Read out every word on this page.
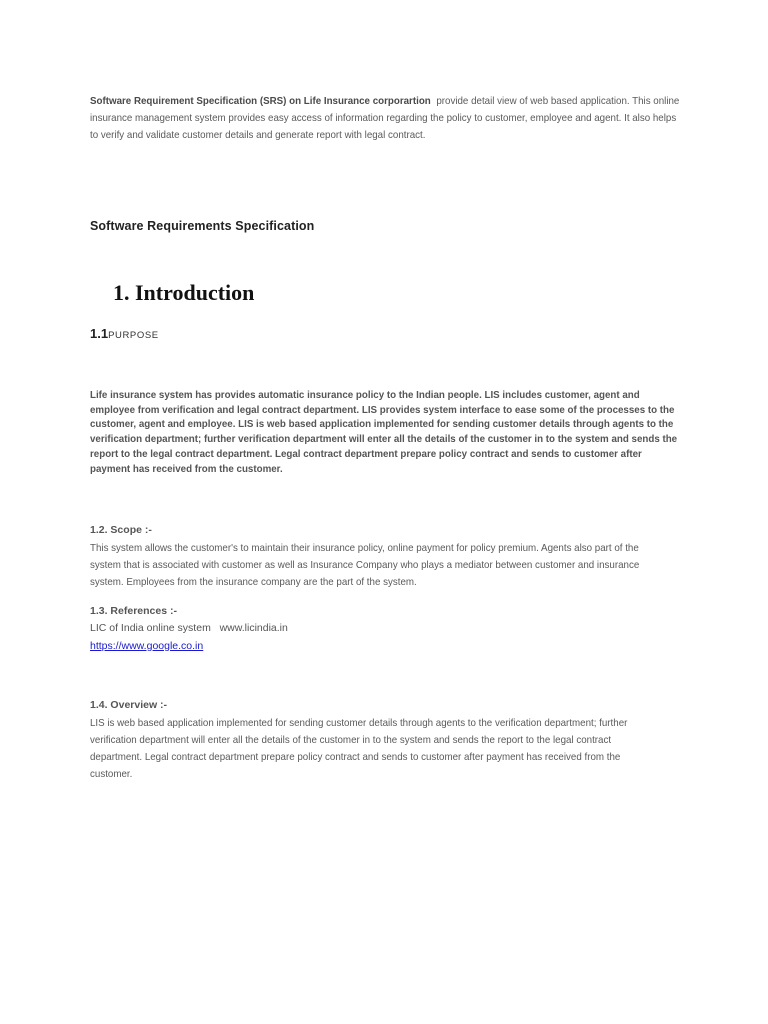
Software Requirement Specification (SRS) on Life Insurance corporartion provide detail view of web based application. This online insurance management system provides easy access of information regarding the policy to customer, employee and agent. It also helps to verify and validate customer details and generate report with legal contract.

Software Requirements Specification
1. Introduction
1.1PURPOSE

Life insurance system has provides automatic insurance policy to the Indian people. LIS includes customer, agent and employee from verification and legal contract department. LIS provides system interface to ease some of the processes to the customer, agent and employee. LIS is web based application implemented for sending customer details through agents to the verification department; further verification department will enter all the details of the customer in to the system and sends the report to the legal contract department. Legal contract department prepare policy contract and sends to customer after payment has received from the customer.

1.2. Scope :-

This system allows the customer's to maintain their insurance policy, online payment for policy premium. Agents also part of the system that is associated with customer as well as Insurance Company who plays a mediator between customer and insurance system. Employees from the insurance company are the part of the system.

1.3. References :-
LIC of India online system   www.licindia.in
https://www.google.co.in
1.4. Overview :-

LIS is web based application implemented for sending customer details through agents to the verification department; further verification department will enter all the details of the customer in to the system and sends the report to the legal contract department. Legal contract department prepare policy contract and sends to customer after payment has received from the customer.
